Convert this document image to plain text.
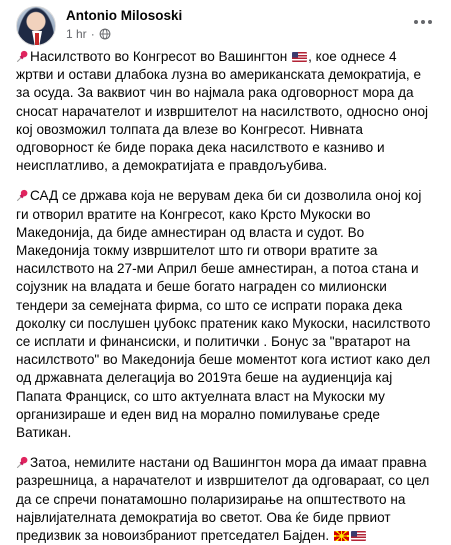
Antonio Milososki
1 hr ·

Насилството во Конгресот во Вашингтон , кое однесе 4 жртви и остави длабока лузна во американската демократија, е за осуда. За ваквиот чин во најмала рака одговорност мора да сносат нарачателот и извршителот на насилството, односно оној кој овозможил толпата да влезе во Конгресот. Нивната одговорност ќе биде порака дека насилството е казниво и неисплатливо, а демократијата е правдољубива.

САД се држава која не верувам дека би си дозволила оној кој ги отворил вратите на Конгресот, како Крсто Мукоски во Македонија, да биде амнестиран од власта и судот. Во Македонија токму извршителот што ги отвори вратите за насилството на 27-ми Април беше амнестиран, а потоа стана и сојузник на владата и беше богато награден со милионски тендери за семејната фирма, со што се испрати порака дека доколку си послушен џубокс пратеник како Мукоски, насилството се исплати и финансиски, и политички . Бонус за "вратарот на насилството" во Македонија беше моментот кога истиот како дел од државната делегација во 2019та беше на аудиенција кај Папата Франциск, со што актуелната власт на Мукоски му организираше и еден вид на морално помилување среде Ватикан.

Затоа, немилите настани од Вашингтон мора да имаат правна разрешница, а нарачателот и извршителот да одговараат, со цел да се спречи понатамошно поларизирање на општеството на највлијателната демократија во светот. Ова ќе биде првиот предизвик за новоизбраниот претседател Бајден.
